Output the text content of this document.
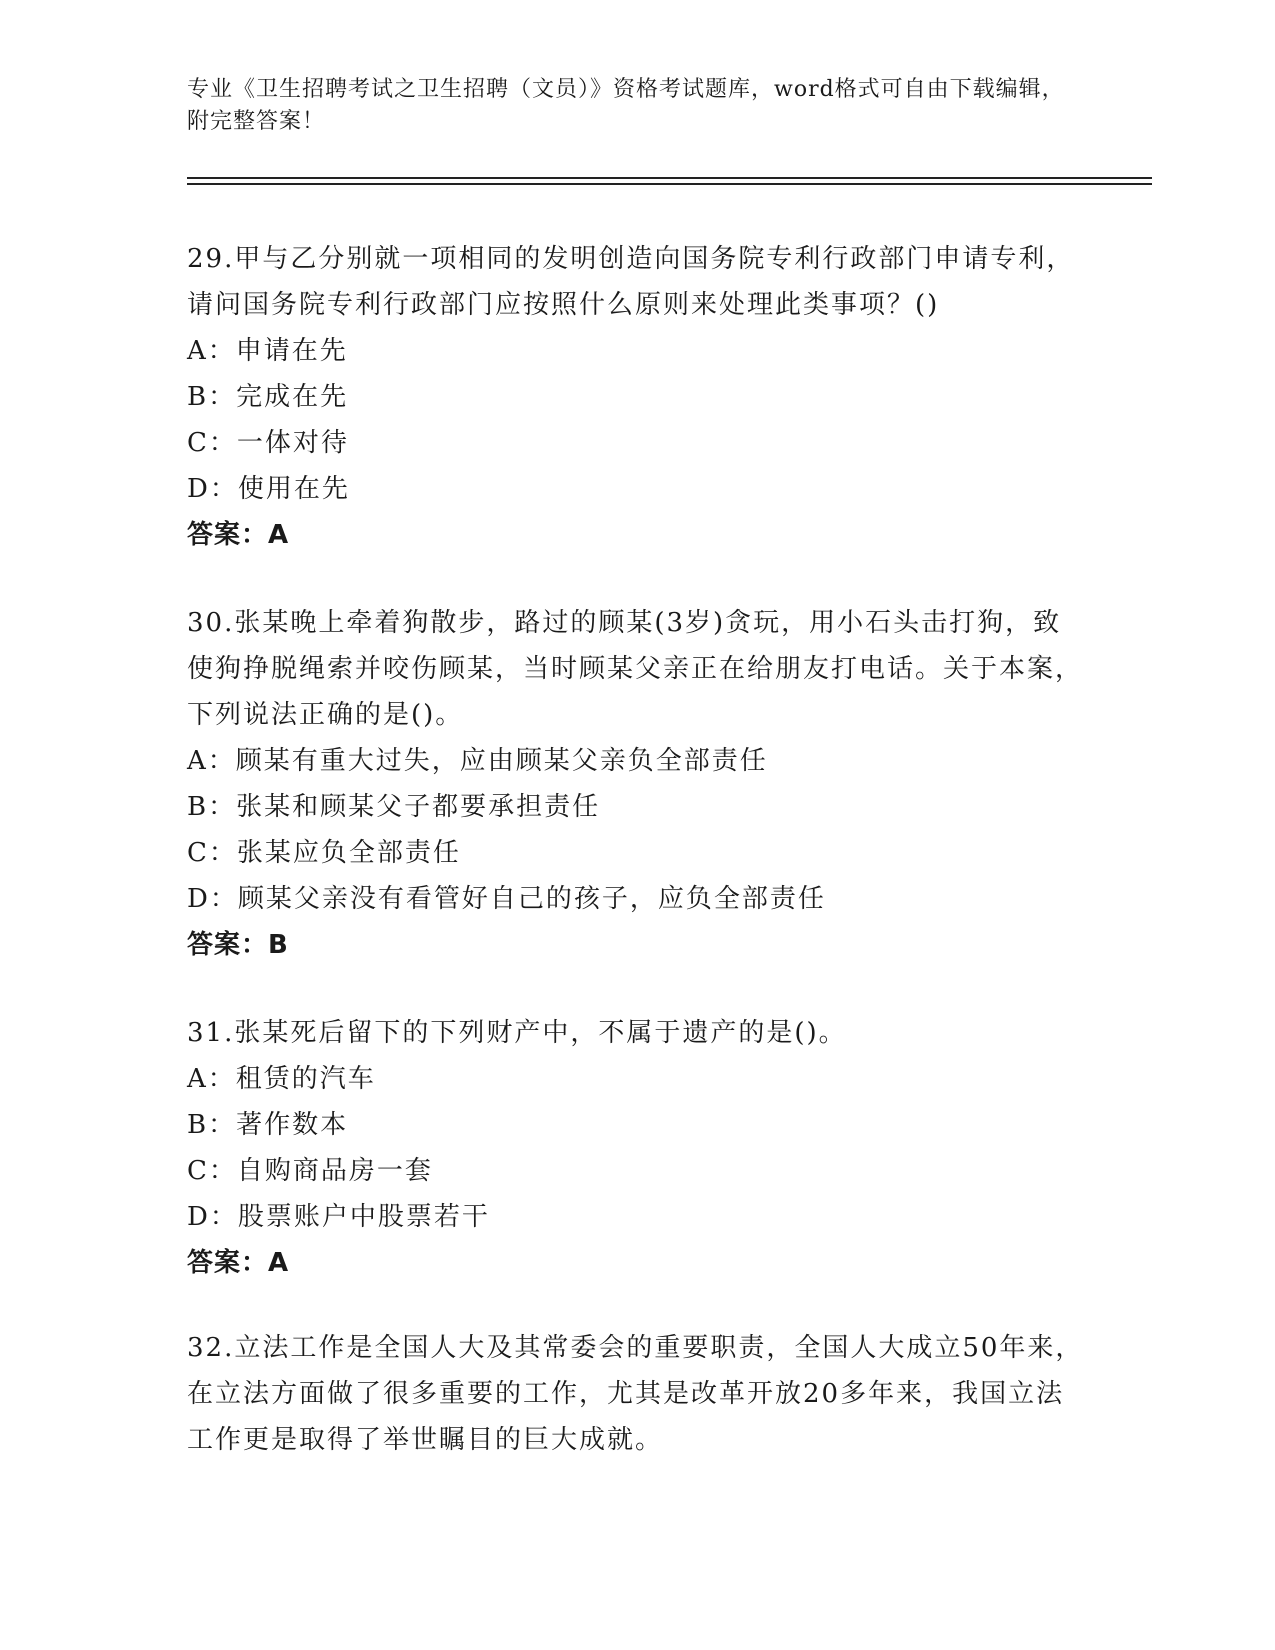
专业《卫生招聘考试之卫生招聘（文员）》资格考试题库，word格式可自由下载编辑，附完整答案！

29.甲与乙分别就一项相同的发明创造向国务院专利行政部门申请专利，请问国务院专利行政部门应按照什么原则来处理此类事项？()

A：申请在先

B：完成在先

C：一体对待

D：使用在先

答案：A

30.张某晚上牵着狗散步，路过的顾某(3岁)贪玩，用小石头击打狗，致使狗挣脱绳索并咬伤顾某，当时顾某父亲正在给朋友打电话。关于本案，下列说法正确的是()。

A：顾某有重大过失，应由顾某父亲负全部责任

B：张某和顾某父子都要承担责任

C：张某应负全部责任

D：顾某父亲没有看管好自己的孩子，应负全部责任

答案：B

31.张某死后留下的下列财产中，不属于遗产的是()。

A：租赁的汽车

B：著作数本

C：自购商品房一套

D：股票账户中股票若干

答案：A

32.立法工作是全国人大及其常委会的重要职责，全国人大成立50年来，在立法方面做了很多重要的工作，尤其是改革开放20多年来，我国立法工作更是取得了举世瞩目的巨大成就。
